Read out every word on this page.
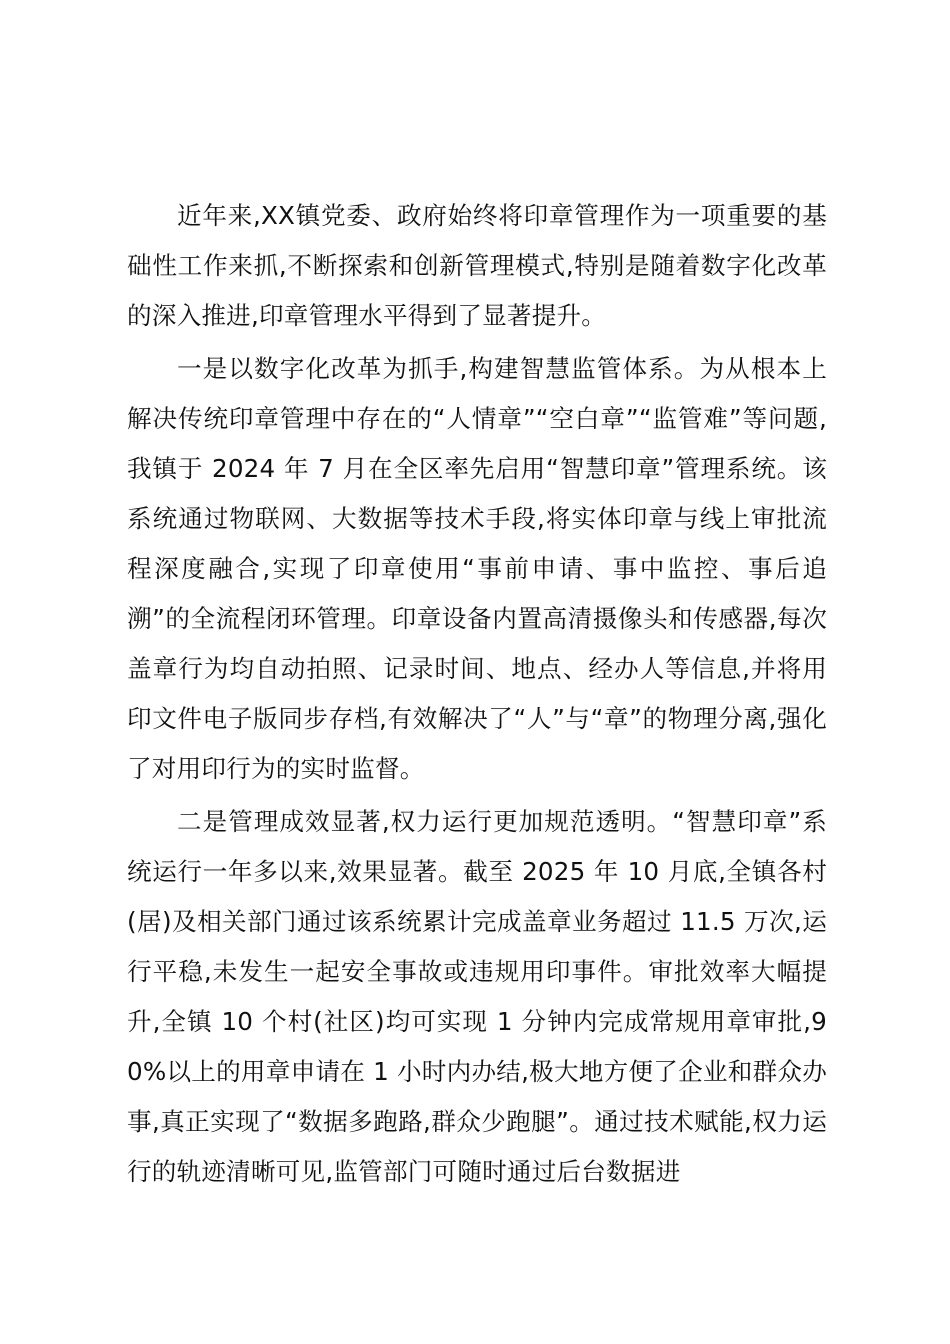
近年来,XX镇党委、政府始终将印章管理作为一项重要的基础性工作来抓,不断探索和创新管理模式,特别是随着数字化改革的深入推进,印章管理水平得到了显著提升。

一是以数字化改革为抓手,构建智慧监管体系。为从根本上解决传统印章管理中存在的“人情章”“空白章”“监管难”等问题,我镇于 2024 年 7 月在全区率先启用“智慧印章”管理系统。该系统通过物联网、大数据等技术手段,将实体印章与线上审批流程深度融合,实现了印章使用“事前申请、事中监控、事后追溯”的全流程闭环管理。印章设备内置高清摄像头和传感器,每次盖章行为均自动拍照、记录时间、地点、经办人等信息,并将用印文件电子版同步存档,有效解决了“人”与“章”的物理分离,强化了对用印行为的实时监督。

二是管理成效显著,权力运行更加规范透明。“智慧印章”系统运行一年多以来,效果显著。截至 2025 年 10 月底,全镇各村(居)及相关部门通过该系统累计完成盖章业务超过 11.5 万次,运行平稳,未发生一起安全事故或违规用印事件。审批效率大幅提升,全镇 10 个村(社区)均可实现 1 分钟内完成常规用章审批,90%以上的用章申请在 1 小时内办结,极大地方便了企业和群众办事,真正实现了“数据多跑路,群众少跑腿”。通过技术赋能,权力运行的轨迹清晰可见,监管部门可随时通过后台数据进
